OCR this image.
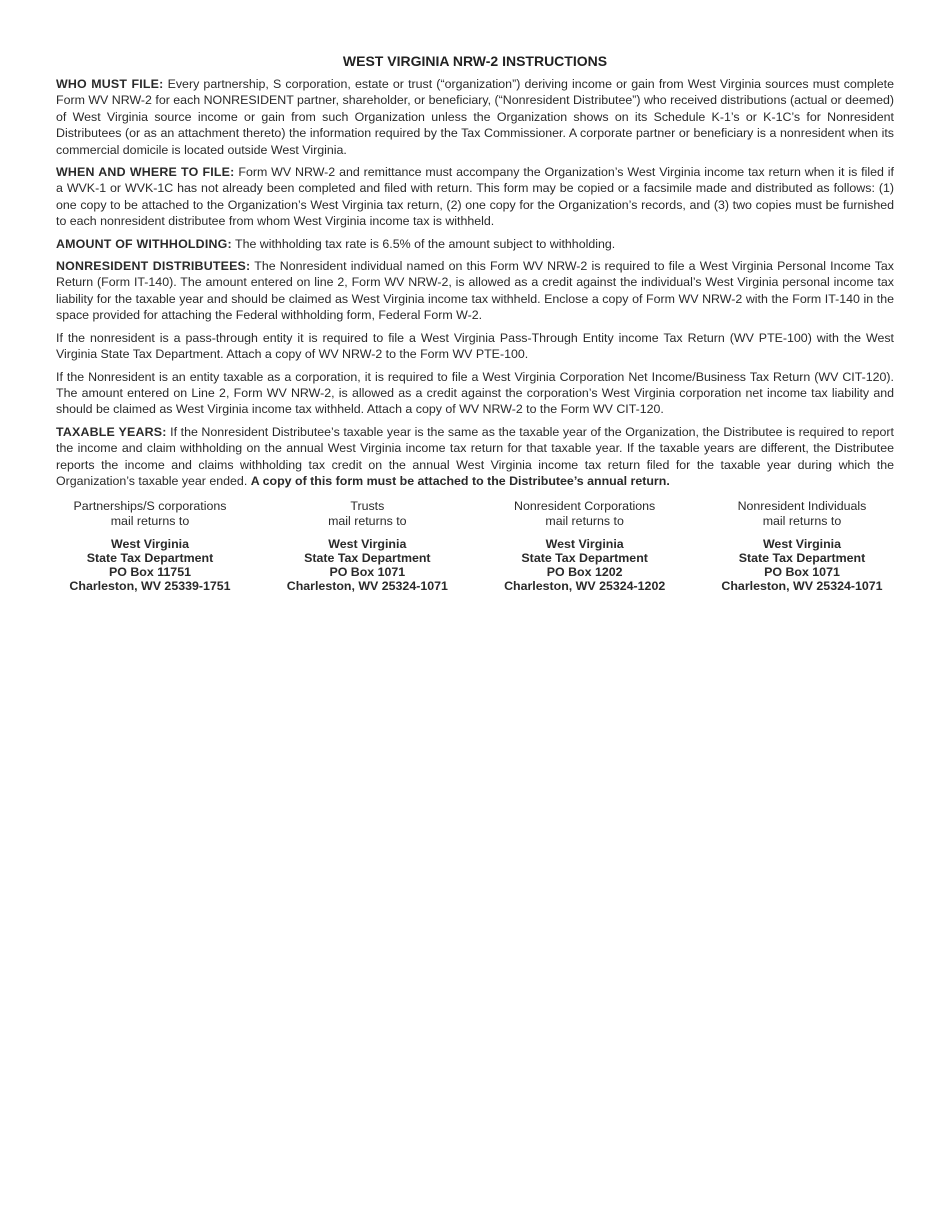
WEST VIRGINIA NRW-2 INSTRUCTIONS

WHO MUST FILE: Every partnership, S corporation, estate or trust (“organization”) deriving income or gain from West Virginia sources must complete Form WV NRW-2 for each NONRESIDENT partner, shareholder, or beneficiary, (“Nonresident Distributee”) who received distributions (actual or deemed) of West Virginia source income or gain from such Organization unless the Organization shows on its Schedule K-1’s or K-1C’s for Nonresident Distributees (or as an attachment thereto) the information required by the Tax Commissioner. A corporate partner or beneficiary is a nonresident when its commercial domicile is located outside West Virginia.

WHEN AND WHERE TO FILE: Form WV NRW-2 and remittance must accompany the Organization’s West Virginia income tax return when it is filed if a WVK-1 or WVK-1C has not already been completed and filed with return. This form may be copied or a facsimile made and distributed as follows: (1) one copy to be attached to the Organization’s West Virginia tax return, (2) one copy for the Organization’s records, and (3) two copies must be furnished to each nonresident distributee from whom West Virginia income tax is withheld.

AMOUNT OF WITHHOLDING: The withholding tax rate is 6.5% of the amount subject to withholding.

NONRESIDENT DISTRIBUTEES: The Nonresident individual named on this Form WV NRW-2 is required to file a West Virginia Personal Income Tax Return (Form IT-140). The amount entered on line 2, Form WV NRW-2, is allowed as a credit against the individual’s West Virginia personal income tax liability for the taxable year and should be claimed as West Virginia income tax withheld. Enclose a copy of Form WV NRW-2 with the Form IT-140 in the space provided for attaching the Federal withholding form, Federal Form W-2.

If the nonresident is a pass-through entity it is required to file a West Virginia Pass-Through Entity income Tax Return (WV PTE-100) with the West Virginia State Tax Department. Attach a copy of WV NRW-2 to the Form WV PTE-100.

If the Nonresident is an entity taxable as a corporation, it is required to file a West Virginia Corporation Net Income/Business Tax Return (WV CIT-120). The amount entered on Line 2, Form WV NRW-2, is allowed as a credit against the corporation’s West Virginia corporation net income tax liability and should be claimed as West Virginia income tax withheld. Attach a copy of WV NRW-2 to the Form WV CIT-120.

TAXABLE YEARS: If the Nonresident Distributee’s taxable year is the same as the taxable year of the Organization, the Distributee is required to report the income and claim withholding on the annual West Virginia income tax return for that taxable year. If the taxable years are different, the Distributee reports the income and claims withholding tax credit on the annual West Virginia income tax return filed for the taxable year during which the Organization’s taxable year ended. A copy of this form must be attached to the Distributee’s annual return.

Partnerships/S corporations
mail returns to
West Virginia
State Tax Department
PO Box 11751
Charleston, WV 25339-1751
Trusts
mail returns to
West Virginia
State Tax Department
PO Box 1071
Charleston, WV 25324-1071
Nonresident Corporations
mail returns to
West Virginia
State Tax Department
PO Box 1202
Charleston, WV 25324-1202
Nonresident Individuals
mail returns to
West Virginia
State Tax Department
PO Box 1071
Charleston, WV 25324-1071
